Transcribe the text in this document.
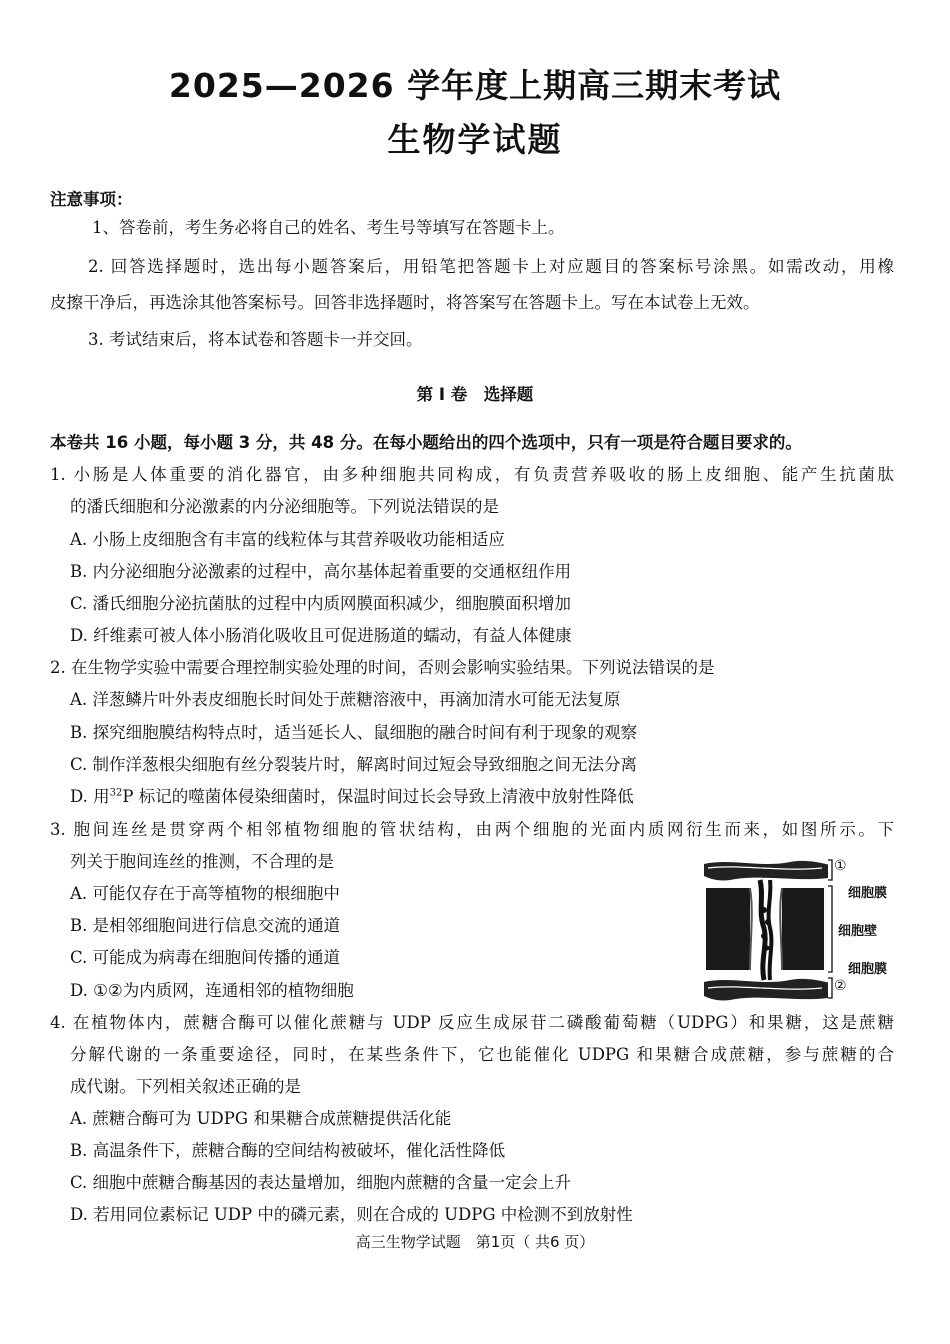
2025—2026 学年度上期高三期末考试
生物学试题
注意事项：
1、答卷前，考生务必将自己的姓名、考生号等填写在答题卡上。
2. 回答选择题时，选出每小题答案后，用铅笔把答题卡上对应题目的答案标号涂黑。如需改动，用橡
皮擦干净后，再选涂其他答案标号。回答非选择题时，将答案写在答题卡上。写在本试卷上无效。
3. 考试结束后，将本试卷和答题卡一并交回。
第 I 卷　选择题
本卷共 16 小题，每小题 3 分，共 48 分。在每小题给出的四个选项中，只有一项是符合题目要求的。
1. 小肠是人体重要的消化器官，由多种细胞共同构成，有负责营养吸收的肠上皮细胞、能产生抗菌肽
的潘氏细胞和分泌激素的内分泌细胞等。下列说法错误的是
A. 小肠上皮细胞含有丰富的线粒体与其营养吸收功能相适应
B. 内分泌细胞分泌激素的过程中，高尔基体起着重要的交通枢纽作用
C. 潘氏细胞分泌抗菌肽的过程中内质网膜面积减少，细胞膜面积增加
D. 纤维素可被人体小肠消化吸收且可促进肠道的蠕动，有益人体健康
2. 在生物学实验中需要合理控制实验处理的时间，否则会影响实验结果。下列说法错误的是
A. 洋葱鳞片叶外表皮细胞长时间处于蔗糖溶液中，再滴加清水可能无法复原
B. 探究细胞膜结构特点时，适当延长人、鼠细胞的融合时间有利于现象的观察
C. 制作洋葱根尖细胞有丝分裂装片时，解离时间过短会导致细胞之间无法分离
D. 用$^{32}$P 标记的噬菌体侵染细菌时，保温时间过长会导致上清液中放射性降低
3. 胞间连丝是贯穿两个相邻植物细胞的管状结构，由两个细胞的光面内质网衍生而来，如图所示。下
列关于胞间连丝的推测，不合理的是
A. 可能仅存在于高等植物的根细胞中
B. 是相邻细胞间进行信息交流的通道
C. 可能成为病毒在细胞间传播的通道
D. ①②为内质网，连通相邻的植物细胞
①
细胞膜
细胞壁
细胞膜
②
4. 在植物体内，蔗糖合酶可以催化蔗糖与 UDP 反应生成尿苷二磷酸葡萄糖（UDPG）和果糖，这是蔗糖
分解代谢的一条重要途径，同时，在某些条件下，它也能催化 UDPG 和果糖合成蔗糖，参与蔗糖的合
成代谢。下列相关叙述正确的是
A. 蔗糖合酶可为 UDPG 和果糖合成蔗糖提供活化能
B. 高温条件下，蔗糖合酶的空间结构被破坏，催化活性降低
C. 细胞中蔗糖合酶基因的表达量增加，细胞内蔗糖的含量一定会上升
D. 若用同位素标记 UDP 中的磷元素，则在合成的 UDPG 中检测不到放射性
高三生物学试题　第1页（ 共6 页）
